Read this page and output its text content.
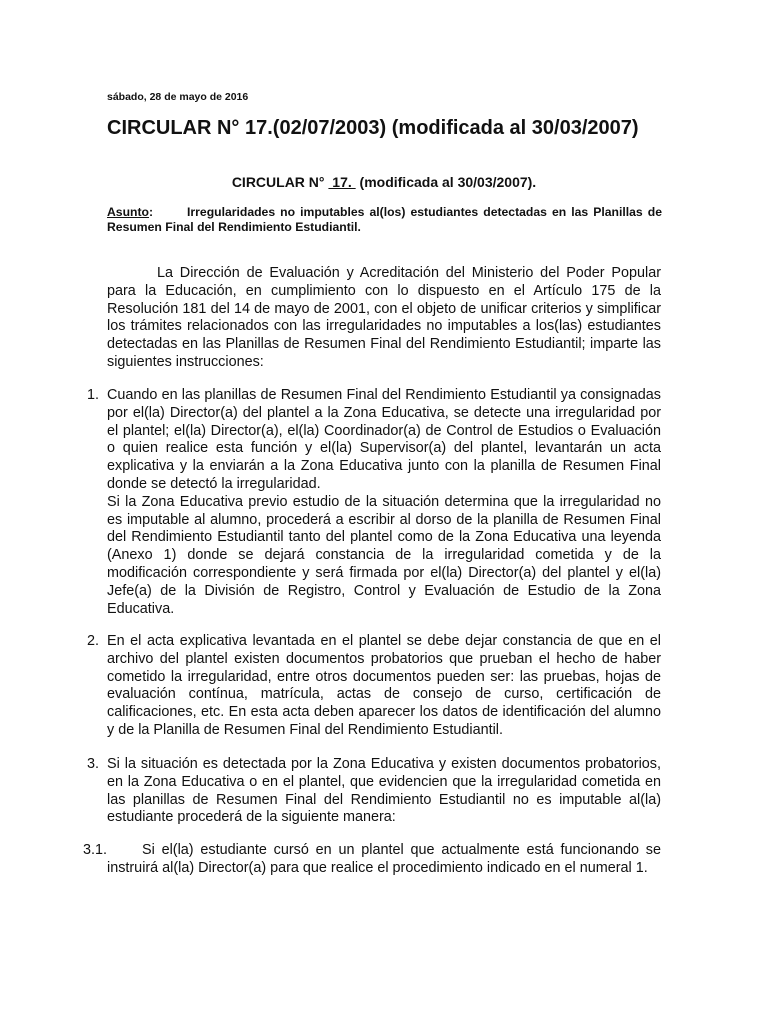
sábado, 28 de mayo de 2016
CIRCULAR N° 17.(02/07/2003) (modificada al 30/03/2007)
CIRCULAR N°  17.  (modificada al 30/03/2007).
Asunto:	Irregularidades no imputables al(los) estudiantes detectadas en las Planillas de Resumen Final del Rendimiento Estudiantil.
La Dirección de Evaluación y Acreditación del Ministerio del Poder Popular para la Educación, en cumplimiento con lo dispuesto en el Artículo 175 de la Resolución 181 del 14 de mayo de 2001, con el objeto de unificar criterios y simplificar los trámites relacionados con las irregularidades no imputables a los(las) estudiantes detectadas en las Planillas de Resumen Final del Rendimiento Estudiantil; imparte las siguientes instrucciones:
1. Cuando en las planillas de Resumen Final del Rendimiento Estudiantil ya consignadas por el(la) Director(a) del plantel a la Zona Educativa, se detecte una irregularidad por el plantel; el(la) Director(a), el(la) Coordinador(a) de Control de Estudios o Evaluación o quien realice esta función y el(la) Supervisor(a) del plantel, levantarán un acta explicativa y la enviarán a la Zona Educativa junto con la planilla de Resumen Final donde se detectó la irregularidad.

Si la Zona Educativa previo estudio de la situación determina que la irregularidad no es imputable al alumno, procederá a escribir al dorso de la planilla de Resumen Final del Rendimiento Estudiantil tanto del plantel como de la Zona Educativa una leyenda (Anexo 1) donde se dejará constancia de la irregularidad cometida y de la modificación correspondiente y será firmada por el(la) Director(a) del plantel y el(la) Jefe(a) de la División de Registro, Control y Evaluación de Estudio de la Zona Educativa.

2. En el acta explicativa levantada en el plantel se debe dejar constancia de que en el archivo del plantel existen documentos probatorios que prueban el hecho de haber cometido la irregularidad, entre otros documentos pueden ser: las pruebas, hojas de evaluación contínua, matrícula, actas de consejo de curso, certificación de calificaciones, etc. En esta acta deben aparecer los datos de identificación del alumno y de la Planilla de Resumen Final del Rendimiento Estudiantil.

3. Si la situación es detectada por la Zona Educativa y existen documentos probatorios, en la Zona Educativa o en el plantel, que evidencien que la irregularidad cometida en las planillas de Resumen Final del Rendimiento Estudiantil no es imputable al(la) estudiante procederá de la siguiente manera:

3.1.	Si el(la) estudiante cursó en un plantel que actualmente está funcionando se instruirá al(la) Director(a) para que realice el procedimiento indicado en el numeral 1.
